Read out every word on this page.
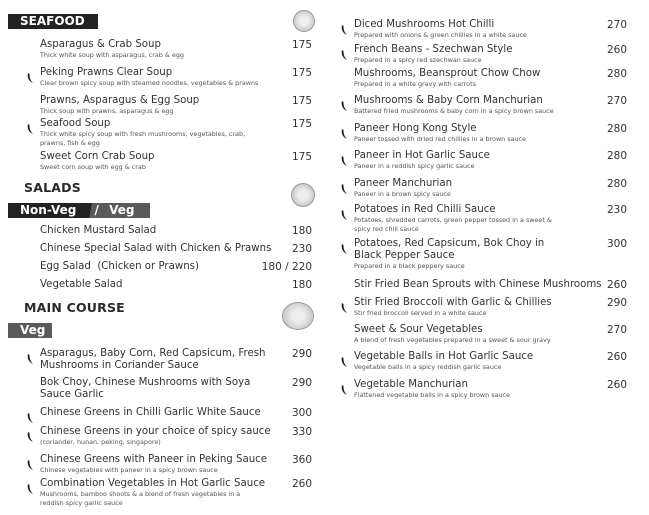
SEAFOOD
SALADS
Non-Veg / Veg
MAIN COURSE
Veg
Asparagus & Crab Soup
Thick white soup with asparagus, crab & egg
175
Peking Prawns Clear Soup
Clear brown spicy soup with steamed noodles, vegetables & prawns
175
Prawns, Asparagus & Egg Soup
Thick soup with prawns, asparagus & egg
175
Seafood Soup
Thick white spicy soup with fresh mushrooms, vegetables, crab,
prawns, fish & egg
175
Sweet Corn Crab Soup
Sweet corn soup with egg & crab
175
Chicken Mustard Salad	180
Chinese Special Salad with Chicken & Prawns	230
Egg Salad  (Chicken or Prawns)	180 / 220
Vegetable Salad	180
Asparagus, Baby Corn, Red Capsicum, Fresh
Mushrooms in Coriander Sauce
290
Bok Choy, Chinese Mushrooms with Soya
Sauce Garlic
290
Chinese Greens in Chilli Garlic White Sauce	300
Chinese Greens in your choice of spicy sauce
(coriander, hunan, peking, singapore)
330
Chinese Greens with Paneer in Peking Sauce
Chinese vegetables with paneer in a spicy brown sauce
360
Combination Vegetables in Hot Garlic Sauce
Mushrooms, bamboo shoots & a blend of fresh vegetables in a
reddish spicy garlic sauce
260
Diced Mushrooms Hot Chilli
Prepared with onions & green chillies in a white sauce
270
French Beans - Szechwan Style
Prepared in a spicy red szechwan sauce
260
Mushrooms, Beansprout Chow Chow
Prepared in a white gravy with carrots
280
Mushrooms & Baby Corn Manchurian
Battered fried mushrooms & baby corn in a spicy brown sauce
270
Paneer Hong Kong Style
Paneer tossed with dried red chillies in a brown sauce
280
Paneer in Hot Garlic Sauce
Paneer in a reddish spicy garlic sauce
280
Paneer Manchurian
Paneer in a brown spicy sauce
280
Potatoes in Red Chilli Sauce
Potatoes, shredded carrots, green pepper tossed in a sweet &
spicy red chili sauce
230
Potatoes, Red Capsicum, Bok Choy in
Black Pepper Sauce
Prepared in a black peppery sauce
300
Stir Fried Bean Sprouts with Chinese Mushrooms 260
Stir Fried Broccoli with Garlic & Chillies
Stir fried broccoli served in a white sauce
290
Sweet & Sour Vegetables
A blend of fresh vegetables prepared in a sweet & sour gravy
270
Vegetable Balls in Hot Garlic Sauce
Vegetable balls in a spicy reddish garlic sauce
260
Vegetable Manchurian
Flattened vegetable balls in a spicy brown sauce
260
